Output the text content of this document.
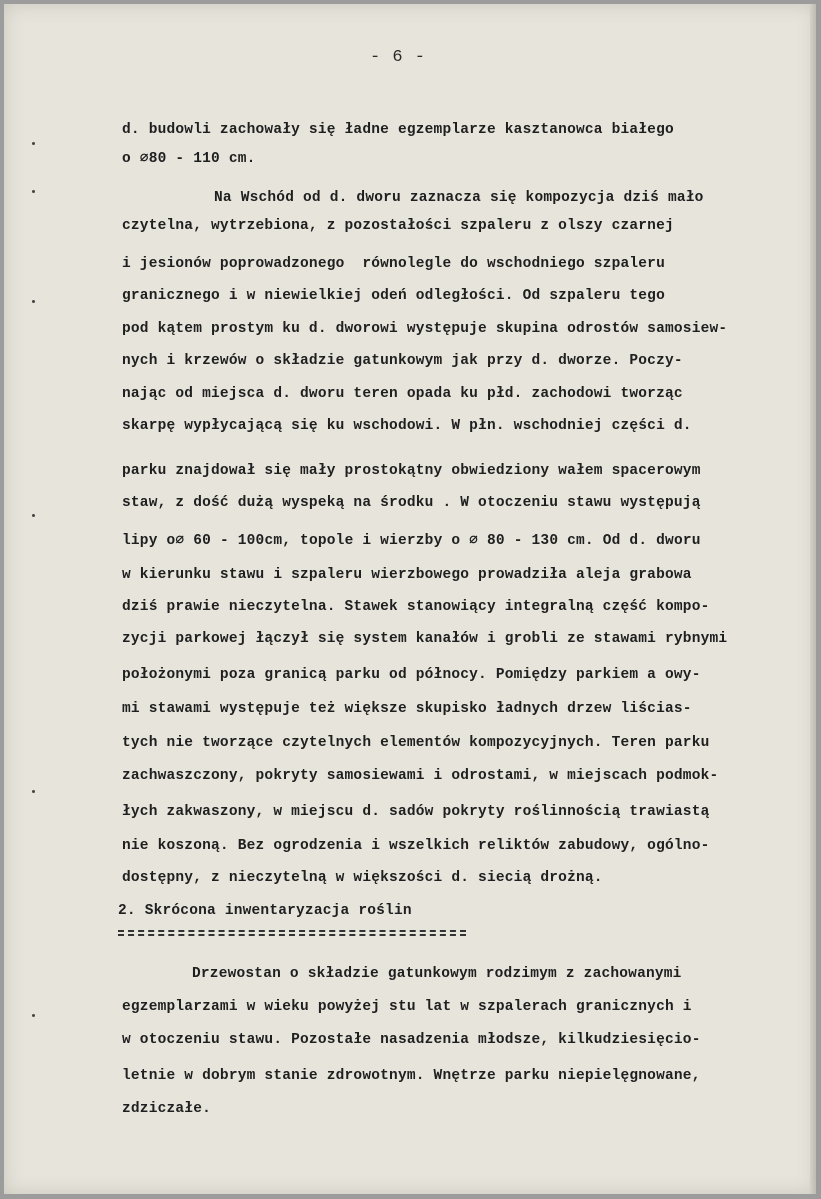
- 6 -

d. budowli zachowały się ładne egzemplarze kasztanowca białego

o ∅80 - 110 cm.

Na Wschód od d. dworu zaznacza się kompozycja dziś mało

czytelna, wytrzebiona, z pozostałości szpaleru z olszy czarnej

i jesionów poprowadzonego  równolegle do wschodniego szpaleru

granicznego i w niewielkiej odeń odległości. Od szpaleru tego

pod kątem prostym ku d. dworowi występuje skupina odrostów samosiew-

nych i krzewów o składzie gatunkowym jak przy d. dworze. Poczy-

nając od miejsca d. dworu teren opada ku płd. zachodowi tworząc

skarpę wypłycającą się ku wschodowi. W płn. wschodniej części d.

parku znajdował się mały prostokątny obwiedziony wałem spacerowym

staw, z dość dużą wyspeką na środku . W otoczeniu stawu występują

lipy o∅ 60 - 100cm, topole i wierzby o ∅ 80 - 130 cm. Od d. dworu

w kierunku stawu i szpaleru wierzbowego prowadziła aleja grabowa

dziś prawie nieczytelna. Stawek stanowiący integralną część kompo-

zycji parkowej łączył się system kanałów i grobli ze stawami rybnymi

położonymi poza granicą parku od północy. Pomiędzy parkiem a owy-

mi stawami występuje też większe skupisko ładnych drzew liścias-

tych nie tworzące czytelnych elementów kompozycyjnych. Teren parku

zachwaszczony, pokryty samosiewami i odrostami, w miejscach podmok-

łych zakwaszony, w miejscu d. sadów pokryty roślinnością trawiastą

nie koszoną. Bez ogrodzenia i wszelkich reliktów zabudowy, ogólno-

dostępny, z nieczytelną w większości d. siecią drożną.

2. Skrócona inwentaryzacja roślin

Drzewostan o składzie gatunkowym rodzimym z zachowanymi

egzemplarzami w wieku powyżej stu lat w szpalerach granicznych i

w otoczeniu stawu. Pozostałe nasadzenia młodsze, kilkudziesięcio-

letnie w dobrym stanie zdrowotnym. Wnętrze parku niepielęgnowane,

zdziczałe.
